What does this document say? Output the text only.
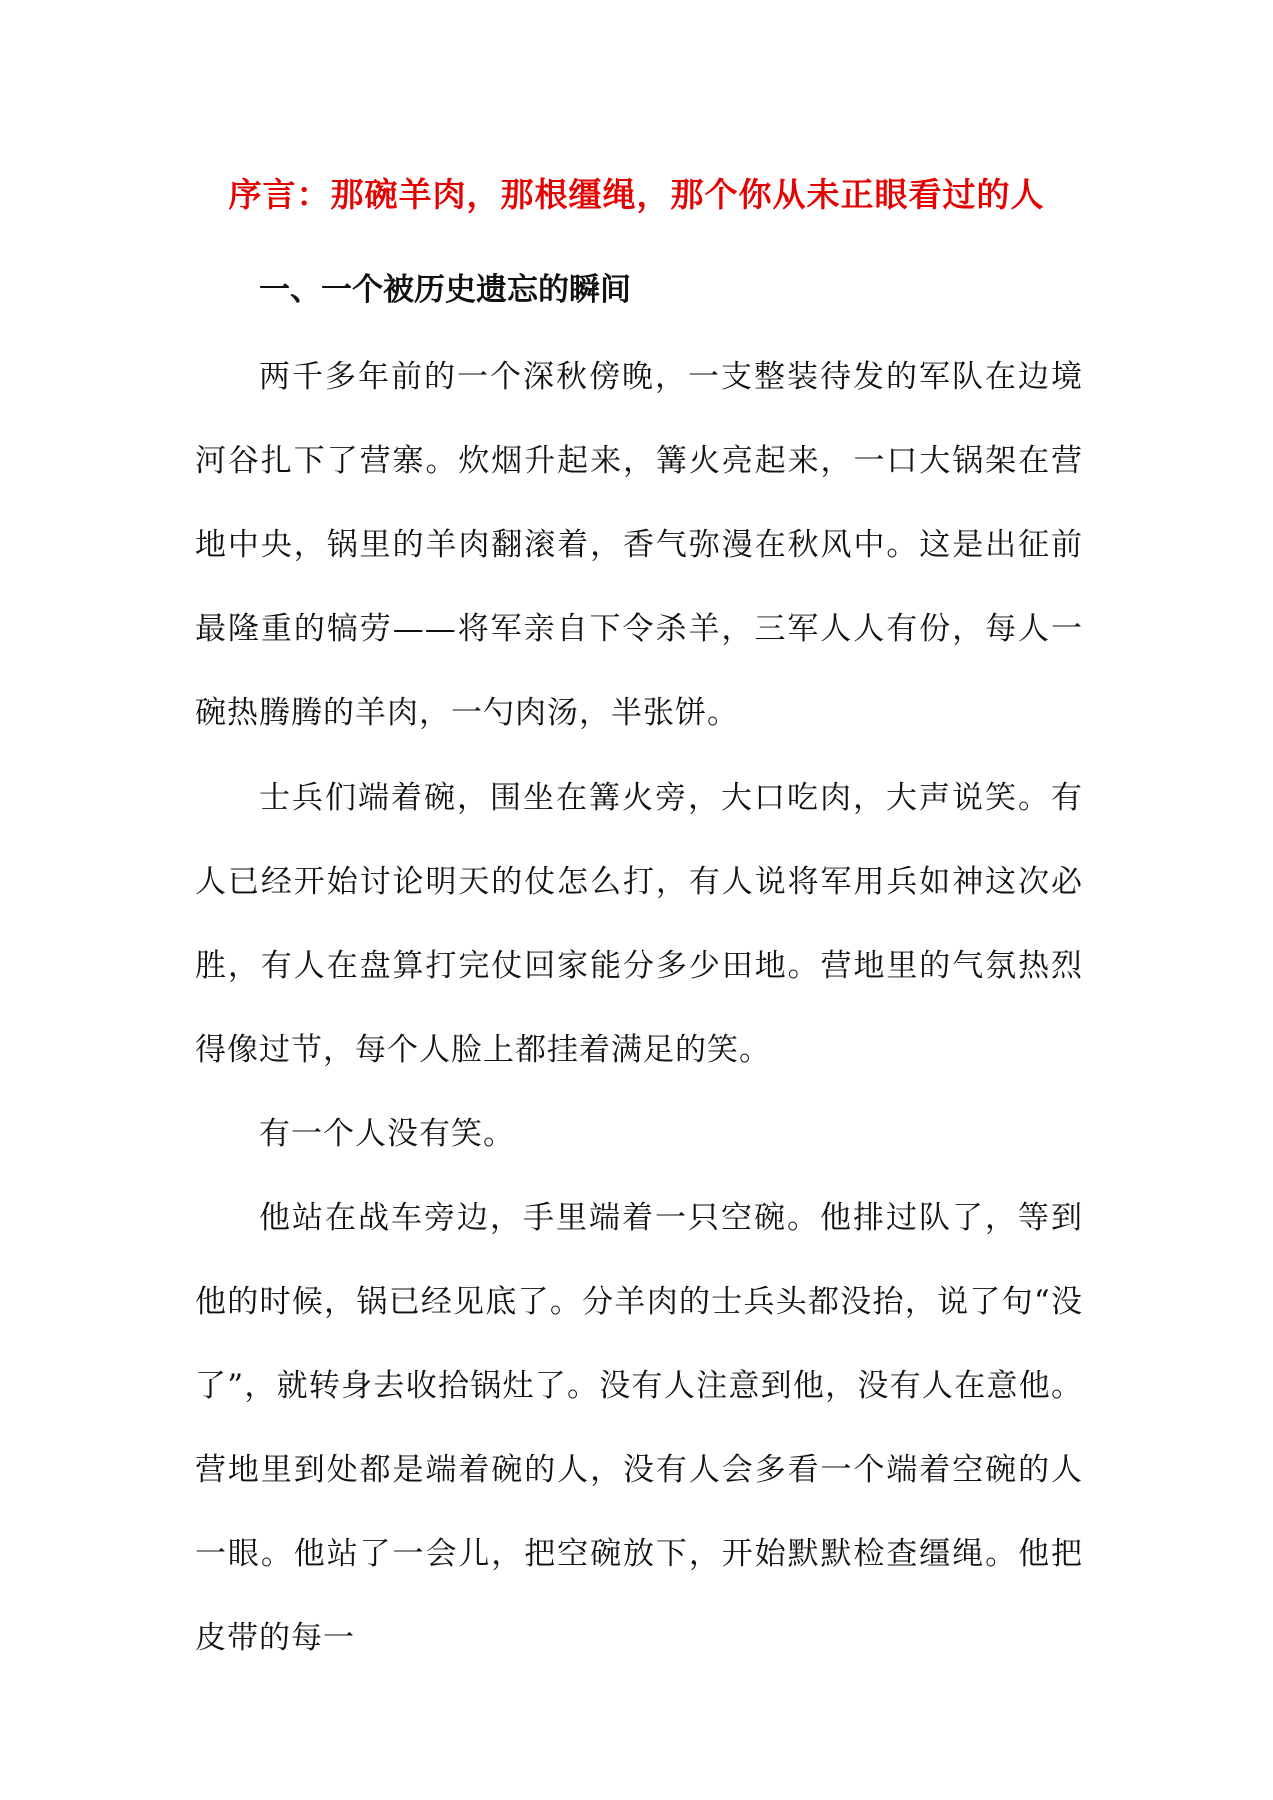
序言：那碗羊肉，那根缰绳，那个你从未正眼看过的人
一、一个被历史遗忘的瞬间

两千多年前的一个深秋傍晚，一支整装待发的军队在边境河谷扎下了营寨。炊烟升起来，篝火亮起来，一口大锅架在营地中央，锅里的羊肉翻滚着，香气弥漫在秋风中。这是出征前最隆重的犒劳——将军亲自下令杀羊，三军人人有份，每人一碗热腾腾的羊肉，一勺肉汤，半张饼。

士兵们端着碗，围坐在篝火旁，大口吃肉，大声说笑。有人已经开始讨论明天的仗怎么打，有人说将军用兵如神这次必胜，有人在盘算打完仗回家能分多少田地。营地里的气氛热烈得像过节，每个人脸上都挂着满足的笑。

有一个人没有笑。

他站在战车旁边，手里端着一只空碗。他排过队了，等到他的时候，锅已经见底了。分羊肉的士兵头都没抬，说了句“没了”，就转身去收拾锅灶了。没有人注意到他，没有人在意他。营地里到处都是端着碗的人，没有人会多看一个端着空碗的人一眼。他站了一会儿，把空碗放下，开始默默检查缰绳。他把皮带的每一
